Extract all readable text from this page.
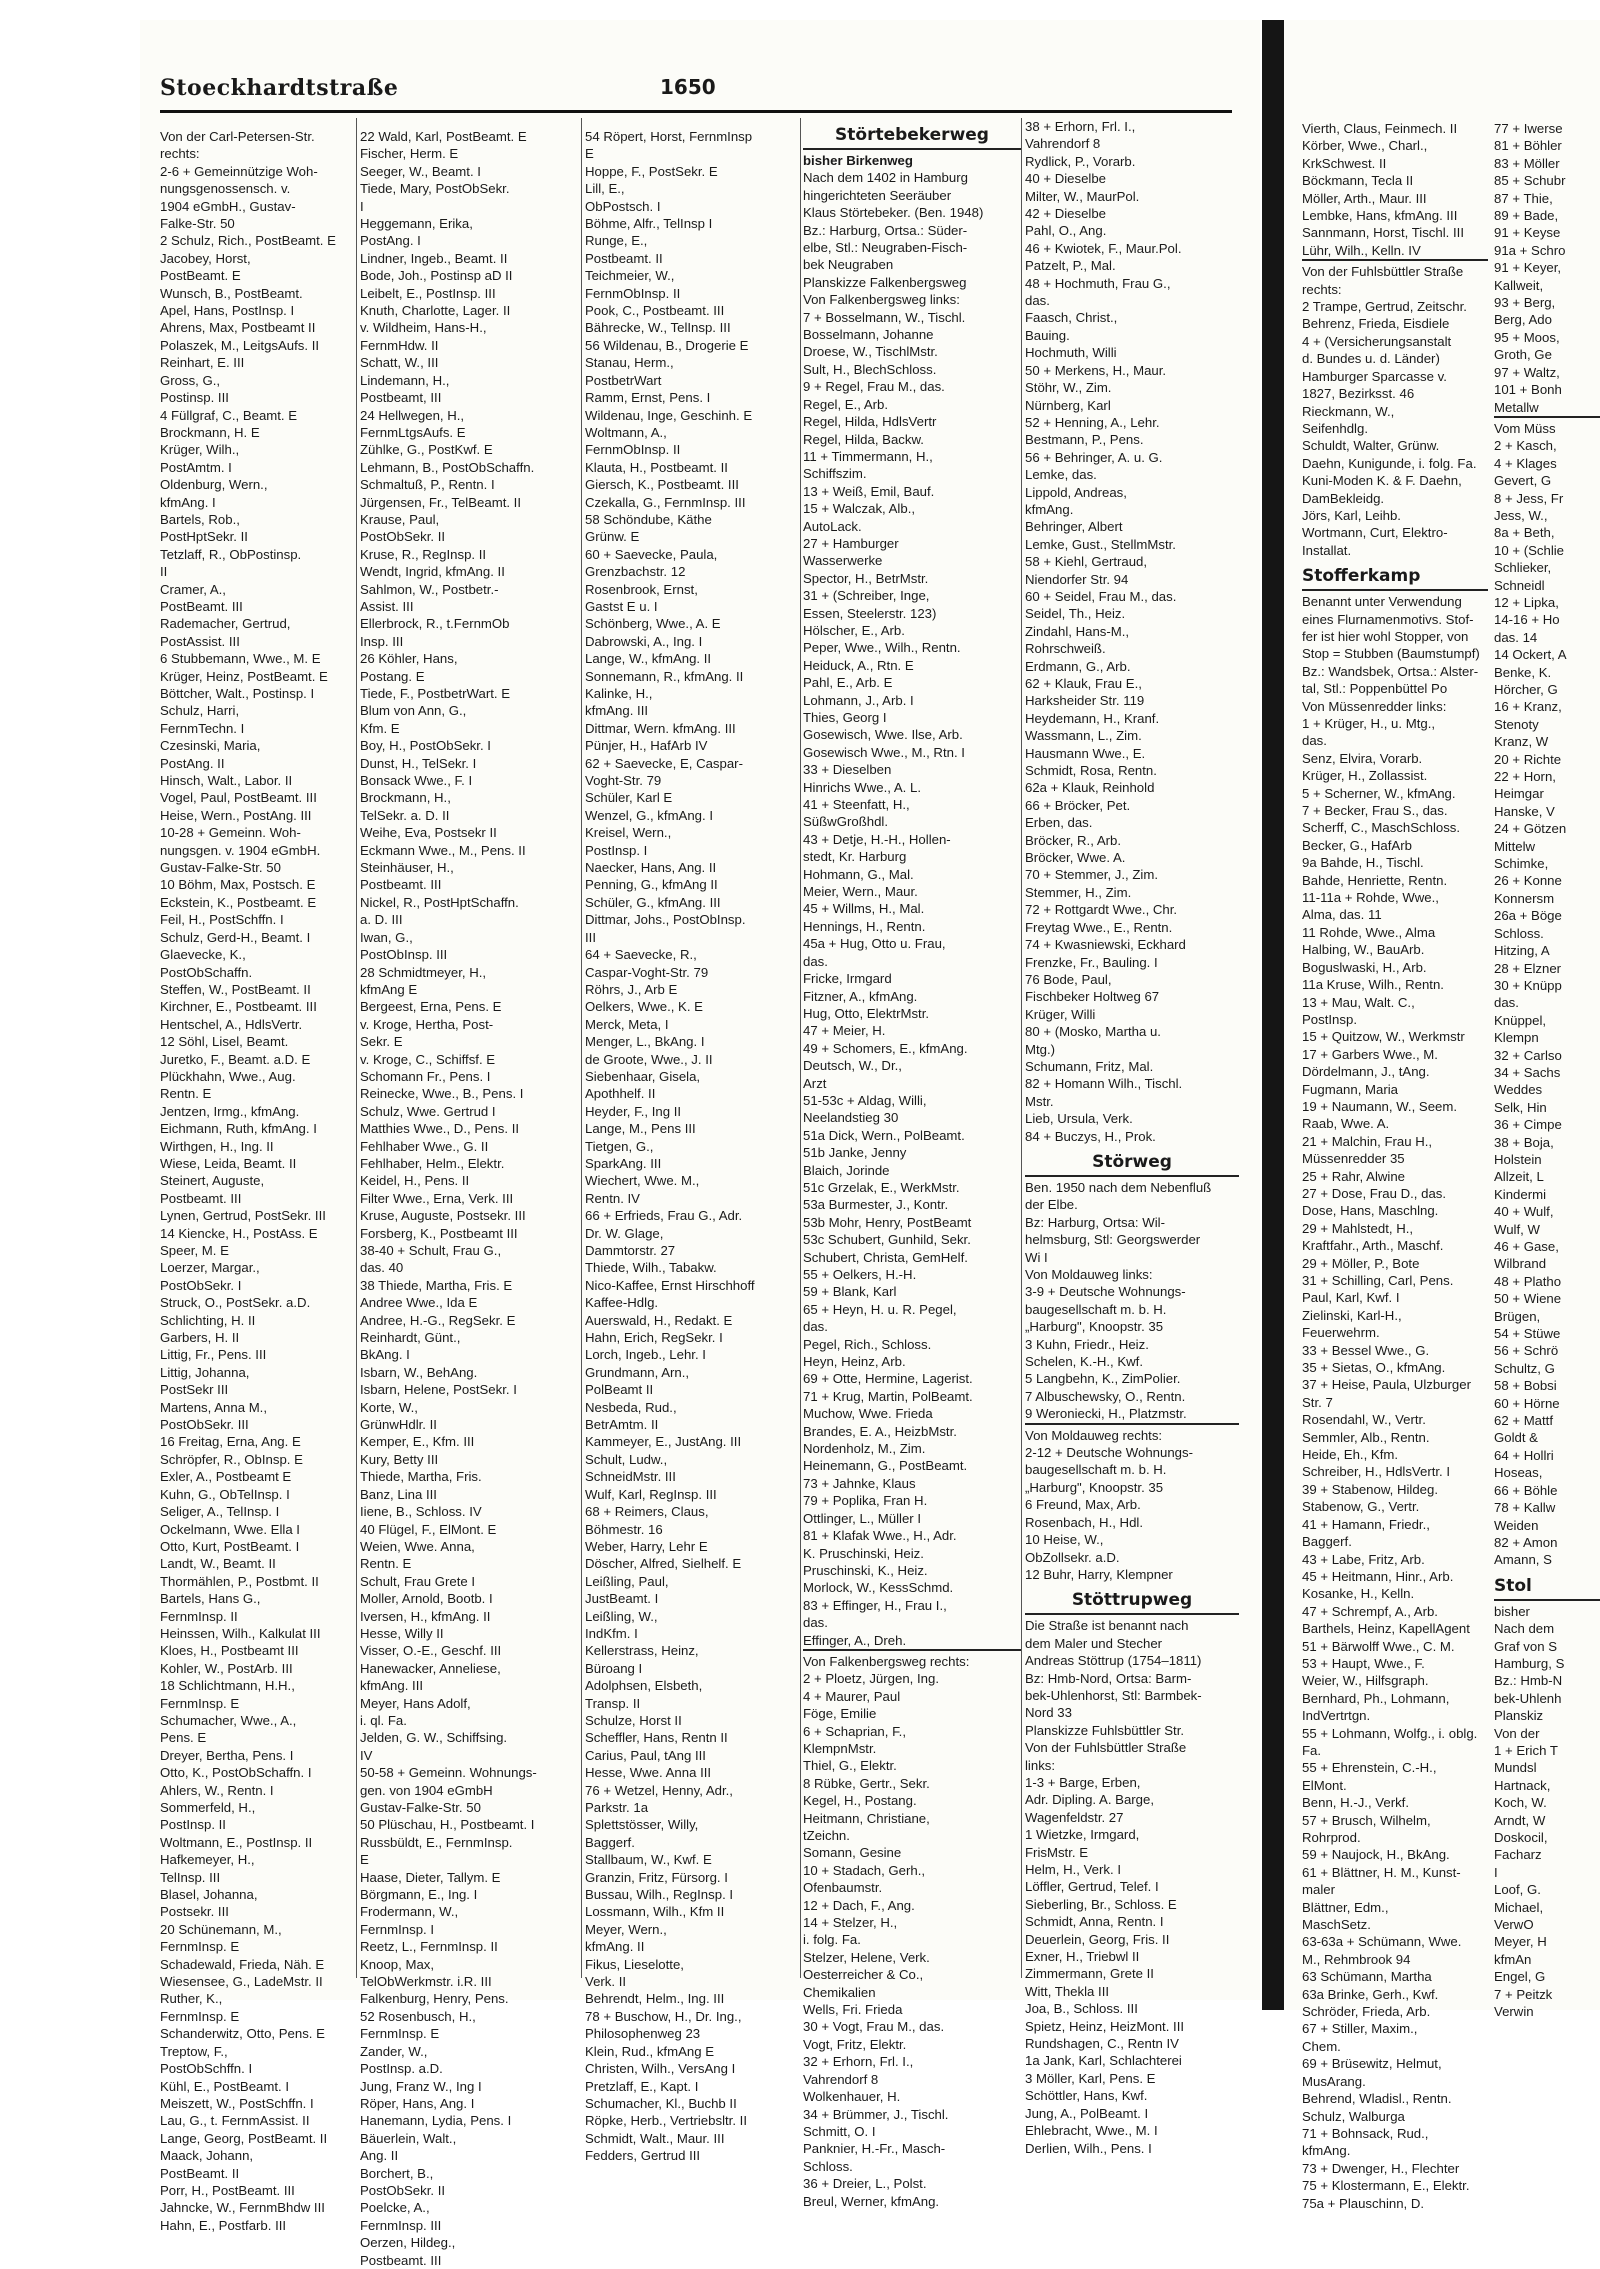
Stoeckhardtstraße	1650
Von der Carl-Petersen-Str.
rechts:
2-6 + Gemeinnützige Woh-
nungsgenossensch. v.
1904 eGmbH., Gustav-
Falke-Str. 50
2 Schulz, Rich., PostBeamt. E
Jacobey, Horst,
PostBeamt. E
Wunsch, B., PostBeamt.
Apel, Hans, PostInsp. I
Ahrens, Max, Postbeamt II
Polaszek, M., LeitgsAufs. II
Reinhart, E. III
Gross, G.,
Postinsp. III
4 Füllgraf, C., Beamt. E
Brockmann, H. E
Krüger, Wilh.,
PostAmtm. I
Oldenburg, Wern.,
kfmAng. I
Bartels, Rob.,
PostHptSekr. II
Tetzlaff, R., ObPostinsp.
II
Cramer, A.,
PostBeamt. III
Rademacher, Gertrud,
PostAssist. III
6 Stubbemann, Wwe., M. E
Krüger, Heinz, PostBeamt. E
Böttcher, Walt., Postinsp. I
Schulz, Harri,
FernmTechn. I
Czesinski, Maria,
PostAng. II
Hinsch, Walt., Labor. II
Vogel, Paul, PostBeamt. III
Heise, Wern., PostAng. III
10-28 + Gemeinn. Woh-
nungsgen. v. 1904 eGmbH.
Gustav-Falke-Str. 50
10 Böhm, Max, Postsch. E
Eckstein, K., Postbeamt. E
Feil, H., PostSchffn. I
Schulz, Gerd-H., Beamt. I
Glaevecke, K.,
PostObSchaffn.
Steffen, W., PostBeamt. II
Kirchner, E., Postbeamt. III
Hentschel, A., HdlsVertr.
12 Söhl, Lisel, Beamt.
Juretko, F., Beamt. a.D. E
Plückhahn, Wwe., Aug.
Rentn. E
Jentzen, Irmg., kfmAng.
Eichmann, Ruth, kfmAng. I
Wirthgen, H., Ing. II
Wiese, Leida, Beamt. II
Steinert, Auguste,
Postbeamt. III
Lynen, Gertrud, PostSekr. III
14 Kiencke, H., PostAss. E
Speer, M. E
Loerzer, Margar.,
PostObSekr. I
Struck, O., PostSekr. a.D.
Schlichting, H. II
Garbers, H. II
Littig, Fr., Pens. III
Littig, Johanna,
PostSekr III
Martens, Anna M.,
PostObSekr. III
16 Freitag, Erna, Ang. E
Schröpfer, R., ObInsp. E
Exler, A., Postbeamt E
Kuhn, G., ObTelInsp. I
Seliger, A., TelInsp. I
Ockelmann, Wwe. Ella I
Otto, Kurt, PostBeamt. I
Landt, W., Beamt. II
Thormählen, P., Postbmt. II
Bartels, Hans G.,
FernmInsp. II
Heinssen, Wilh., Kalkulat III
Kloes, H., Postbeamt III
Kohler, W., PostArb. III
18 Schlichtmann, H.H.,
FernmInsp. E
Schumacher, Wwe., A.,
Pens. E
Dreyer, Bertha, Pens. I
Otto, K., PostObSchaffn. I
Ahlers, W., Rentn. I
Sommerfeld, H.,
PostInsp. II
Woltmann, E., PostInsp. II
Hafkemeyer, H.,
TelInsp. III
Blasel, Johanna,
Postsekr. III
20 Schünemann, M.,
FernmInsp. E
Schadewald, Frieda, Näh. E
Wiesensee, G., LadeMstr. II
Ruther, K.,
FernmInsp. E
Schanderwitz, Otto, Pens. E
Treptow, F.,
PostObSchffn. I
Kühl, E., PostBeamt. I
Meiszett, W., PostSchffn. I
Lau, G., t. FernmAssist. II
Lange, Georg, PostBeamt. II
Maack, Johann,
PostBeamt. II
Porr, H., PostBeamt. III
Jahncke, W., FernmBhdw III
Hahn, E., Postfarb. III
22 Wald, Karl, PostBeamt. E
Fischer, Herm. E
Seeger, W., Beamt. I
Tiede, Mary, PostObSekr.
I
Heggemann, Erika,
PostAng. I
Lindner, Ingeb., Beamt. II
Bode, Joh., Postinsp aD II
Leibelt, E., PostInsp. III
Knuth, Charlotte, Lager. II
v. Wildheim, Hans-H.,
FernmHdw. II
Schatt, W., III
Lindemann, H.,
Postbeamt, III
24 Hellwegen, H.,
FernmLtgsAufs. E
Zühlke, G., PostKwf. E
Lehmann, B., PostObSchaffn.
Schmaltuß, P., Rentn. I
Jürgensen, Fr., TelBeamt. II
Krause, Paul,
PostObSekr. II
Kruse, R., RegInsp. II
Wendt, Ingrid, kfmAng. II
Sahlmon, W., Postbetr.-
Assist. III
Ellerbrock, R., t.FernmOb
Insp. III
26 Köhler, Hans,
Postang. E
Tiede, F., PostbetrWart. E
Blum von Ann, G.,
Kfm. E
Boy, H., PostObSekr. I
Dunst, H., TelSekr. I
Bonsack Wwe., F. I
Brockmann, H.,
TelSekr. a. D. II
Weihe, Eva, Postsekr II
Eckmann Wwe., M., Pens. II
Steinhäuser, H.,
Postbeamt. III
Nickel, R., PostHptSchaffn.
a. D. III
Iwan, G.,
PostObInsp. III
28 Schmidtmeyer, H.,
kfmAng E
Bergeest, Erna, Pens. E
v. Kroge, Hertha, Post-
Sekr. E
v. Kroge, C., Schiffsf. E
Schomann Fr., Pens. I
Reinecke, Wwe., B., Pens. I
Schulz, Wwe. Gertrud I
Matthies Wwe., D., Pens. II
Fehlhaber Wwe., G. II
Fehlhaber, Helm., Elektr.
Keidel, H., Pens. II
Filter Wwe., Erna, Verk. III
Kruse, Auguste, Postsekr. III
Forsberg, K., Postbeamt III
38-40 + Schult, Frau G.,
das. 40
38 Thiede, Martha, Fris. E
Andree Wwe., Ida E
Andree, H.-G., RegSekr. E
Reinhardt, Günt.,
BkAng. I
Isbarn, W., BehAng.
Isbarn, Helene, PostSekr. I
Korte, W.,
GrünwHdlr. II
Kemper, E., Kfm. III
Kury, Betty III
Thiede, Martha, Fris.
Banz, Lina III
Iiene, B., Schloss. IV
40 Flügel, F., ElMont. E
Weien, Wwe. Anna,
Rentn. E
Schult, Frau Grete I
Moller, Arnold, Bootb. I
Iversen, H., kfmAng. II
Hesse, Willy II
Visser, O.-E., Geschf. III
Hanewacker, Anneliese,
kfmAng. III
Meyer, Hans Adolf,
i. ql. Fa.
Jelden, G. W., Schiffsing.
IV
50-58 + Gemeinn. Wohnungs-
gen. von 1904 eGmbH
Gustav-Falke-Str. 50
50 Plüschau, H., Postbeamt. I
Russbüldt, E., FernmInsp.
E
Haase, Dieter, Tallym. E
Börgmann, E., Ing. I
Frodermann, W.,
FernmInsp. I
Reetz, L., FernmInsp. II
Knoop, Max,
TelObWerkmstr. i.R. III
Falkenburg, Henry, Pens.
52 Rosenbusch, H.,
FernmInsp. E
Zander, W.,
PostInsp. a.D.
Jung, Franz W., Ing I
Röper, Hans, Ang. I
Hanemann, Lydia, Pens. I
Bäuerlein, Walt.,
Ang. II
Borchert, B.,
PostObSekr. II
Poelcke, A.,
FernmInsp. III
Oerzen, Hildeg.,
Postbeamt. III
54 Röpert, Horst, FernmInsp
E
Hoppe, F., PostSekr. E
Lill, E.,
ObPostsch. I
Böhme, Alfr., TelInsp I
Runge, E.,
Postbeamt. II
Teichmeier, W.,
FernmObInsp. II
Pook, C., Postbeamt. III
Bährecke, W., TelInsp. III
56 Wildenau, B., Drogerie E
Stanau, Herm.,
PostbetrWart
Ramm, Ernst, Pens. I
Wildenau, Inge, Geschinh. E
Woltmann, A.,
FernmObInsp. II
Klauta, H., Postbeamt. II
Giersch, K., Postbeamt. III
Czekalla, G., FernmInsp. III
58 Schöndube, Käthe
Grünw. E
60 + Saevecke, Paula,
Grenzbachstr. 12
Rosenbrook, Ernst,
Gastst E u. I
Schönberg, Wwe., A. E
Dabrowski, A., Ing. I
Lange, W., kfmAng. II
Sonnemann, R., kfmAng. II
Kalinke, H.,
kfmAng. III
Dittmar, Wern. kfmAng. III
Pünjer, H., HafArb IV
62 + Saevecke, E, Caspar-
Voght-Str. 79
Schüler, Karl E
Wenzel, G., kfmAng. I
Kreisel, Wern.,
PostInsp. I
Naecker, Hans, Ang. II
Penning, G., kfmAng II
Schüler, G., kfmAng. III
Dittmar, Johs., PostObInsp.
III
64 + Saevecke, R.,
Caspar-Voght-Str. 79
Röhrs, J., Arb E
Oelkers, Wwe., K. E
Merck, Meta, I
Menger, L., BkAng. I
de Groote, Wwe., J. II
Siebenhaar, Gisela,
Apothhelf. II
Heyder, F., Ing II
Lange, M., Pens III
Tietgen, G.,
SparkAng. III
Wiechert, Wwe. M.,
Rentn. IV
66 + Erfrieds, Frau G., Adr.
Dr. W. Glage,
Dammtorstr. 27
Thiede, Wilh., Tabakw.
Nico-Kaffee, Ernst Hirschhoff
Kaffee-Hdlg.
Auerswald, H., Redakt. E
Hahn, Erich, RegSekr. I
Lorch, Ingeb., Lehr. I
Grundmann, Arn.,
PolBeamt II
Nesbeda, Rud.,
BetrAmtm. II
Kammeyer, E., JustAng. III
Schult, Ludw.,
SchneidMstr. III
Wulf, Karl, RegInsp. III
68 + Reimers, Claus,
Böhmestr. 16
Weber, Harry, Lehr E
Döscher, Alfred, Sielhelf. E
Leißling, Paul,
JustBeamt. I
Leißling, W.,
IndKfm. I
Kellerstrass, Heinz,
Büroang I
Adolphsen, Elsbeth,
Transp. II
Schulze, Horst II
Scheffler, Hans, Rentn II
Carius, Paul, tAng III
Hesse, Wwe. Anna III
76 + Wetzel, Henny, Adr.,
Parkstr. 1a
Splettstösser, Willy,
Baggerf.
Stallbaum, W., Kwf. E
Granzin, Fritz, Fürsorg. I
Bussau, Wilh., RegInsp. I
Lossmann, Wilh., Kfm II
Meyer, Wern.,
kfmAng. II
Fikus, Lieselotte,
Verk. II
Behrendt, Helm., Ing. III
78 + Buschow, H., Dr. Ing.,
Philosophenweg 23
Klein, Rud., kfmAng E
Christen, Wilh., VersAng I
Pretzlaff, E., Kapt. I
Schumacher, Kl., Buchb II
Röpke, Herb., Vertriebsltr. II
Schmidt, Walt., Maur. III
Fedders, Gertrud III
Störtebekerweg
bisher Birkenweg
Nach dem 1402 in Hamburg
hingerichteten Seeräuber
Klaus Störtebeker. (Ben. 1948)
Bz.: Harburg, Ortsa.: Süder-
elbe, Stl.: Neugraben-Fisch-
bek Neugraben
Planskizze Falkenbergsweg
Von Falkenbergsweg links:
7 + Bosselmann, W., Tischl.
Bosselmann, Johanne
Droese, W., TischlMstr.
Sult, H., BlechSchloss.
9 + Regel, Frau M., das.
Regel, E., Arb.
Regel, Hilda, HdlsVertr
Regel, Hilda, Backw.
11 + Timmermann, H.,
Schiffszim.
13 + Weiß, Emil, Bauf.
15 + Walczak, Alb.,
AutoLack.
27 + Hamburger
Wasserwerke
Spector, H., BetrMstr.
31 + (Schreiber, Inge,
Essen, Steelerstr. 123)
Hölscher, E., Arb.
Peper, Wwe., Wilh., Rentn.
Heiduck, A., Rtn. E
Pahl, E., Arb. E
Lohmann, J., Arb. I
Thies, Georg I
Gosewisch, Wwe. Ilse, Arb.
Gosewisch Wwe., M., Rtn. I
33 + Dieselben
Hinrichs Wwe., A. L.
41 + Steenfatt, H.,
SüßwGroßhdl.
43 + Detje, H.-H., Hollen-
stedt, Kr. Harburg
Hohmann, G., Mal.
Meier, Wern., Maur.
45 + Willms, H., Mal.
Hennings, H., Rentn.
45a + Hug, Otto u. Frau,
das.
Fricke, Irmgard
Fitzner, A., kfmAng.
Hug, Otto, ElektrMstr.
47 + Meier, H.
49 + Schomers, E., kfmAng.
Deutsch, W., Dr.,
Arzt
51-53c + Aldag, Willi,
Neelandstieg 30
51a Dick, Wern., PolBeamt.
51b Janke, Jenny
Blaich, Jorinde
51c Grzelak, E., WerkMstr.
53a Burmester, J., Kontr.
53b Mohr, Henry, PostBeamt
53c Schubert, Gunhild, Sekr.
Schubert, Christa, GemHelf.
55 + Oelkers, H.-H.
59 + Blank, Karl
65 + Heyn, H. u. R. Pegel,
das.
Pegel, Rich., Schloss.
Heyn, Heinz, Arb.
69 + Otte, Hermine, Lagerist.
71 + Krug, Martin, PolBeamt.
Muchow, Wwe. Frieda
Brandes, E. A., HeizbMstr.
Nordenholz, M., Zim.
Heinemann, G., PostBeamt.
73 + Jahnke, Klaus
79 + Poplika, Fran H.
Ottlinger, L., Müller I
81 + Klafak Wwe., H., Adr.
K. Pruschinski, Heiz.
Pruschinski, K., Heiz.
Morlock, W., KessSchmd.
83 + Effinger, H., Frau I.,
das.
Effinger, A., Dreh.
Von Falkenbergsweg rechts:
2 + Ploetz, Jürgen, Ing.
4 + Maurer, Paul
Föge, Emilie
6 + Schaprian, F.,
KlempnMstr.
Thiel, G., Elektr.
8 Rübke, Gertr., Sekr.
Kegel, H., Postang.
Heitmann, Christiane,
tZeichn.
Somann, Gesine
10 + Stadach, Gerh.,
Ofenbaumstr.
12 + Dach, F., Ang.
14 + Stelzer, H.,
i. folg. Fa.
Stelzer, Helene, Verk.
Oesterreicher & Co.,
Chemikalien
Wells, Fri. Frieda
30 + Vogt, Frau M., das.
Vogt, Fritz, Elektr.
32 + Erhorn, Frl. I.,
Vahrendorf 8
Wolkenhauer, H.
34 + Brümmer, J., Tischl.
Schmitt, O. I
Panknier, H.-Fr., Masch-
Schloss.
36 + Dreier, L., Polst.
Breul, Werner, kfmAng.
38 + Erhorn, Frl. I.,
Vahrendorf 8
Rydlick, P., Vorarb.
40 + Dieselbe
Milter, W., MaurPol.
42 + Dieselbe
Pahl, O., Ang.
46 + Kwiotek, F., Maur.Pol.
Patzelt, P., Mal.
48 + Hochmuth, Frau G.,
das.
Faasch, Christ.,
Bauing.
Hochmuth, Willi
50 + Merkens, H., Maur.
Stöhr, W., Zim.
Nürnberg, Karl
52 + Henning, A., Lehr.
Bestmann, P., Pens.
56 + Behringer, A. u. G.
Lemke, das.
Lippold, Andreas,
kfmAng.
Behringer, Albert
Lemke, Gust., StellmMstr.
58 + Kiehl, Gertraud,
Niendorfer Str. 94
60 + Seidel, Frau M., das.
Seidel, Th., Heiz.
Zindahl, Hans-M.,
Rohrschweiß.
Erdmann, G., Arb.
62 + Klauk, Frau E.,
Harksheider Str. 119
Heydemann, H., Kranf.
Wassmann, L., Zim.
Hausmann Wwe., E.
Schmidt, Rosa, Rentn.
62a + Klauk, Reinhold
66 + Bröcker, Pet.
Erben, das.
Bröcker, R., Arb.
Bröcker, Wwe. A.
70 + Stemmer, J., Zim.
Stemmer, H., Zim.
72 + Rottgardt Wwe., Chr.
Freytag Wwe., E., Rentn.
74 + Kwasniewski, Eckhard
Frenzke, Fr., Bauling. I
76 Bode, Paul,
Fischbeker Holtweg 67
Krüger, Willi
80 + (Mosko, Martha u.
Mtg.)
Schumann, Fritz, Mal.
82 + Homann Wilh., Tischl.
Mstr.
Lieb, Ursula, Verk.
84 + Buczys, H., Prok.
Störweg
Ben. 1950 nach dem Nebenfluß
der Elbe.
Bz: Harburg, Ortsa: Wil-
helmsburg, Stl: Georgswerder
Wi I
Von Moldauweg links:
3-9 + Deutsche Wohnungs-
baugesellschaft m. b. H.
„Harburg", Knoopstr. 35
3 Kuhn, Friedr., Heiz.
Schelen, K.-H., Kwf.
5 Langbehn, K., ZimPolier.
7 Albuschewsky, O., Rentn.
9 Weroniecki, H., Platzmstr.
Von Moldauweg rechts:
2-12 + Deutsche Wohnungs-
baugesellschaft m. b. H.
„Harburg", Knoopstr. 35
6 Freund, Max, Arb.
Rosenbach, H., Hdl.
10 Heise, W.,
ObZollsekr. a.D.
12 Buhr, Harry, Klempner
Stöttrupweg
Die Straße ist benannt nach
dem Maler und Stecher
Andreas Stöttrup (1754–1811)
Bz: Hmb-Nord, Ortsa: Barm-
bek-Uhlenhorst, Stl: Barmbek-
Nord 33
Planskizze Fuhlsbüttler Str.
Von der Fuhlsbüttler Straße
links:
1-3 + Barge, Erben,
Adr. Dipling. A. Barge,
Wagenfeldstr. 27
1 Wietzke, Irmgard,
FrisMstr. E
Helm, H., Verk. I
Löffler, Gertrud, Telef. I
Sieberling, Br., Schloss. E
Schmidt, Anna, Rentn. I
Deuerlein, Georg, Fris. II
Exner, H., Triebwl II
Zimmermann, Grete II
Witt, Thekla III
Joa, B., Schloss. III
Spietz, Heinz, HeizMont. III
Rundshagen, C., Rentn IV
1a Jank, Karl, Schlachterei
3 Möller, Karl, Pens. E
Schöttler, Hans, Kwf.
Jung, A., PolBeamt. I
Ehlebracht, Wwe., M. I
Derlien, Wilh., Pens. I
Vierth, Claus, Feinmech. II
Körber, Wwe., Charl.,
KrkSchwest. II
Böckmann, Tecla II
Möller, Arth., Maur. III
Lembke, Hans, kfmAng. III
Sannmann, Horst, Tischl. III
Lühr, Wilh., Kelln. IV
Von der Fuhlsbüttler Straße
rechts:
2 Trampe, Gertrud, Zeitschr.
Behrenz, Frieda, Eisdiele
4 + (Versicherungsanstalt
d. Bundes u. d. Länder)
Hamburger Sparcasse v.
1827, Bezirksst. 46
Rieckmann, W.,
Seifenhdlg.
Schuldt, Walter, Grünw.
Daehn, Kunigunde, i. folg. Fa.
Kuni-Moden K. & F. Daehn,
DamBekleidg.
Jörs, Karl, Leihb.
Wortmann, Curt, Elektro-
Installat.
Stofferkamp
Benannt unter Verwendung
eines Flurnamenmotivs. Stof-
fer ist hier wohl Stopper, von
Stop = Stubben (Baumstumpf)
Bz.: Wandsbek, Ortsa.: Alster-
tal, Stl.: Poppenbüttel Po
Von Müssenredder links:
1 + Krüger, H., u. Mtg.,
das.
Senz, Elvira, Vorarb.
Krüger, H., Zollassist.
5 + Scherner, W., kfmAng.
7 + Becker, Frau S., das.
Scherff, C., MaschSchloss.
Becker, G., HafArb
9a Bahde, H., Tischl.
Bahde, Henriette, Rentn.
11-11a + Rohde, Wwe.,
Alma, das. 11
11 Rohde, Wwe., Alma
Halbing, W., BauArb.
Boguslwaski, H., Arb.
11a Kruse, Wilh., Rentn.
13 + Mau, Walt. C.,
PostInsp.
15 + Quitzow, W., Werkmstr
17 + Garbers Wwe., M.
Dördelmann, J., tAng.
Fugmann, Maria
19 + Naumann, W., Seem.
Raab, Wwe. A.
21 + Malchin, Frau H.,
Müssenredder 35
25 + Rahr, Alwine
27 + Dose, Frau D., das.
Dose, Hans, Maschlng.
29 + Mahlstedt, H.,
Kraftfahr., Arth., Maschf.
29 + Möller, P., Bote
31 + Schilling, Carl, Pens.
Paul, Karl, Kwf. I
Zielinski, Karl-H.,
Feuerwehrm.
33 + Bessel Wwe., G.
35 + Sietas, O., kfmAng.
37 + Heise, Paula, Ulzburger
Str. 7
Rosendahl, W., Vertr.
Semmler, Alb., Rentn.
Heide, Eh., Kfm.
Schreiber, H., HdlsVertr. I
39 + Stabenow, Hildeg.
Stabenow, G., Vertr.
41 + Hamann, Friedr.,
Baggerf.
43 + Labe, Fritz, Arb.
45 + Heitmann, Hinr., Arb.
Kosanke, H., Kelln.
47 + Schrempf, A., Arb.
Barthels, Heinz, KapellAgent
51 + Bärwolff Wwe., C. M.
53 + Haupt, Wwe., F.
Weier, W., Hilfsgraph.
Bernhard, Ph., Lohmann,
IndVertrtgn.
55 + Lohmann, Wolfg., i. oblg.
Fa.
55 + Ehrenstein, C.-H.,
ElMont.
Benn, H.-J., Verkf.
57 + Brusch, Wilhelm,
Rohrprod.
59 + Naujock, H., BkAng.
61 + Blättner, H. M., Kunst-
maler
Blättner, Edm.,
MaschSetz.
63-63a + Schümann, Wwe.
M., Rehmbrook 94
63 Schümann, Martha
63a Brinke, Gerh., Kwf.
Schröder, Frieda, Arb.
67 + Stiller, Maxim.,
Chem.
69 + Brüsewitz, Helmut,
MusArang.
Behrend, Wladisl., Rentn.
Schulz, Walburga
71 + Bohnsack, Rud.,
kfmAng.
73 + Dwenger, H., Flechter
75 + Klostermann, E., Elektr.
75a + Plauschinn, D.
77 + Iwerse
81 + Böhler
83 + Möller
85 + Schubr
87 + Thie,
89 + Bade,
91 + Keyse
91a + Schro
91 + Keyer,
Kallweit,
93 + Berg,
Berg, Ado
95 + Moos,
Groth, Ge
97 + Waltz,
101 + Bonh
Metallw
Vom Müss
2 + Kasch,
4 + Klages
Gevert, G
8 + Jess, Fr
Jess, W.,
8a + Beth,
10 + (Schlie
Schlieker,
Schneidl
12 + Lipka,
14-16 + Ho
das. 14
14 Ockert, A
Benke, K.
Hörcher, G
16 + Kranz,
Stenoty
Kranz, W
20 + Richte
22 + Horn,
Heimgar
Hanske, V
24 + Götzen
Mittelw
Schimke,
26 + Konne
Konnersm
26a + Böge
Schloss.
Hitzing, A
28 + Elzner
30 + Knüpp
das.
Knüppel,
Klempn
32 + Carlso
34 + Sachs
Weddes
Selk, Hin
36 + Cimpe
38 + Boja,
Holstein
Allzeit, L
Kindermi
40 + Wulf,
Wulf, W
46 + Gase,
Wilbrand
48 + Platho
50 + Wiene
Brügen,
54 + Stüwe
56 + Schrö
Schultz, G
58 + Bobsi
60 + Hörne
62 + Mattf
Goldt &
64 + Hollri
Hoseas,
66 + Böhle
78 + Kallw
Weiden
82 + Amon
Amann, S
Stol
bisher
Nach dem
Graf von S
Hamburg, S
Bz.: Hmb-N
bek-Uhlenh
Planskiz
Von der
1 + Erich T
Mundsl
Hartnack,
Koch, W.
Arndt, W
Doskocil,
Facharz
I
Loof, G.
Michael,
VerwO
Meyer, H
kfmAn
Engel, G
7 + Peitzk
Verwin
